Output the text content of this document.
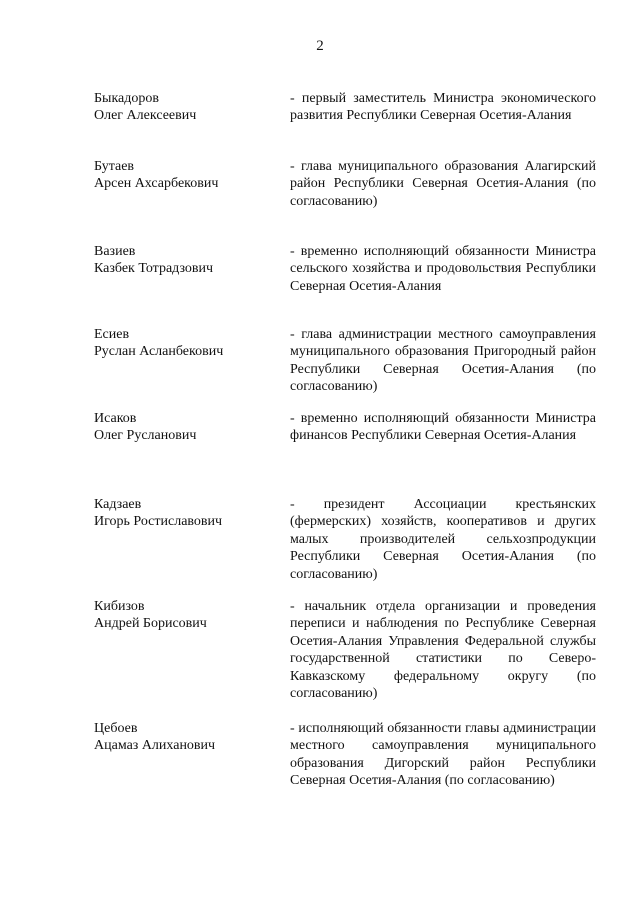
2
Быкадоров
Олег Алексеевич
- первый заместитель Министра экономического развития Республики Северная Осетия-Алания
Бутаев
Арсен Ахсарбекович
- глава муниципального образования Алагирский район Республики Северная Осетия-Алания (по согласованию)
Вазиев
Казбек Тотрадзович
- временно исполняющий обязанности Министра сельского хозяйства и продовольствия Республики Северная Осетия-Алания
Есиев
Руслан Асланбекович
- глава администрации местного самоуправления муниципального образования Пригородный район Республики Северная Осетия-Алания (по согласованию)
Исаков
Олег Русланович
- временно исполняющий обязанности Министра финансов Республики Северная Осетия-Алания
Кадзаев
Игорь Ростиславович
- президент Ассоциации крестьянских (фермерских) хозяйств, кооперативов и других малых производителей сельхозпродукции Республики Северная Осетия-Алания (по согласованию)
Кибизов
Андрей Борисович
- начальник отдела организации и проведения переписи и наблюдения по Республике Северная Осетия-Алания Управления Федеральной службы государственной статистики по Северо-Кавказскому федеральному округу (по согласованию)
Цебоев
Ацамаз Алиханович
- исполняющий обязанности главы администрации местного самоуправления муниципального образования Дигорский район Республики Северная Осетия-Алания (по согласованию)
